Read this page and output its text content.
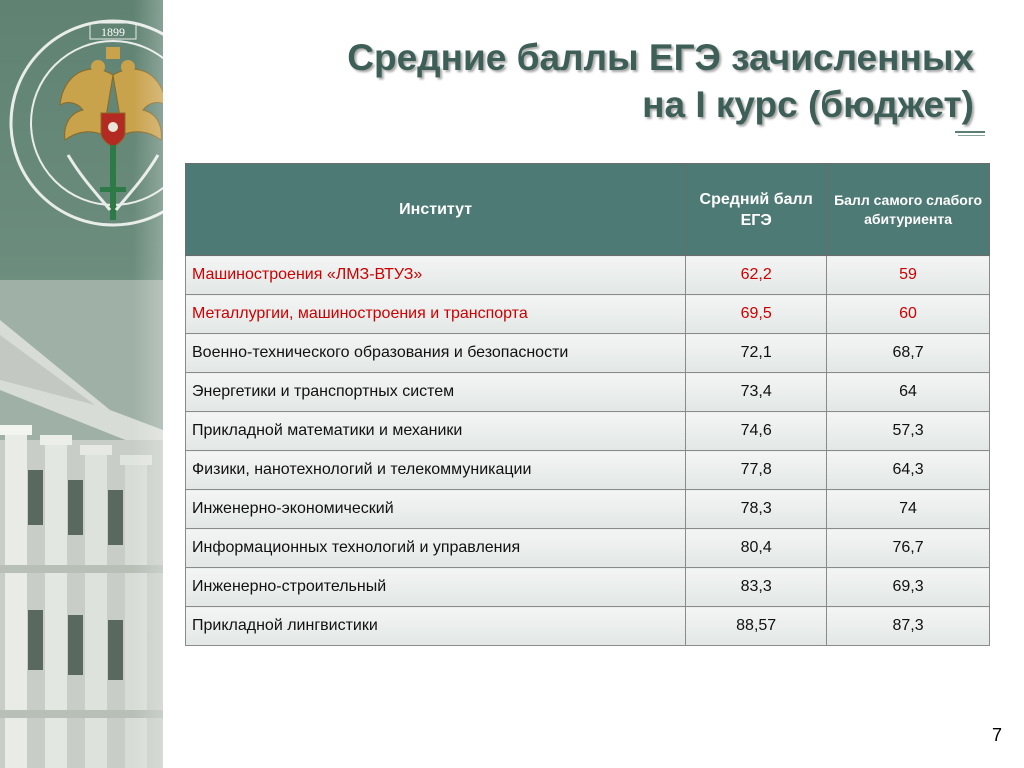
1899
Средние баллы ЕГЭ зачисленных
на I курс (бюджет)
Институт	Средний балл ЕГЭ	Балл самого слабого абитуриента
Машиностроения «ЛМЗ-ВТУЗ»	62,2	59
Металлургии, машиностроения и транспорта	69,5	60
Военно-технического образования и безопасности	72,1	68,7
Энергетики и транспортных систем	73,4	64
Прикладной математики и механики	74,6	57,3
Физики, нанотехнологий и телекоммуникации	77,8	64,3
Инженерно-экономический	78,3	74
Информационных технологий и управления	80,4	76,7
Инженерно-строительный	83,3	69,3
Прикладной лингвистики	88,57	87,3
7
